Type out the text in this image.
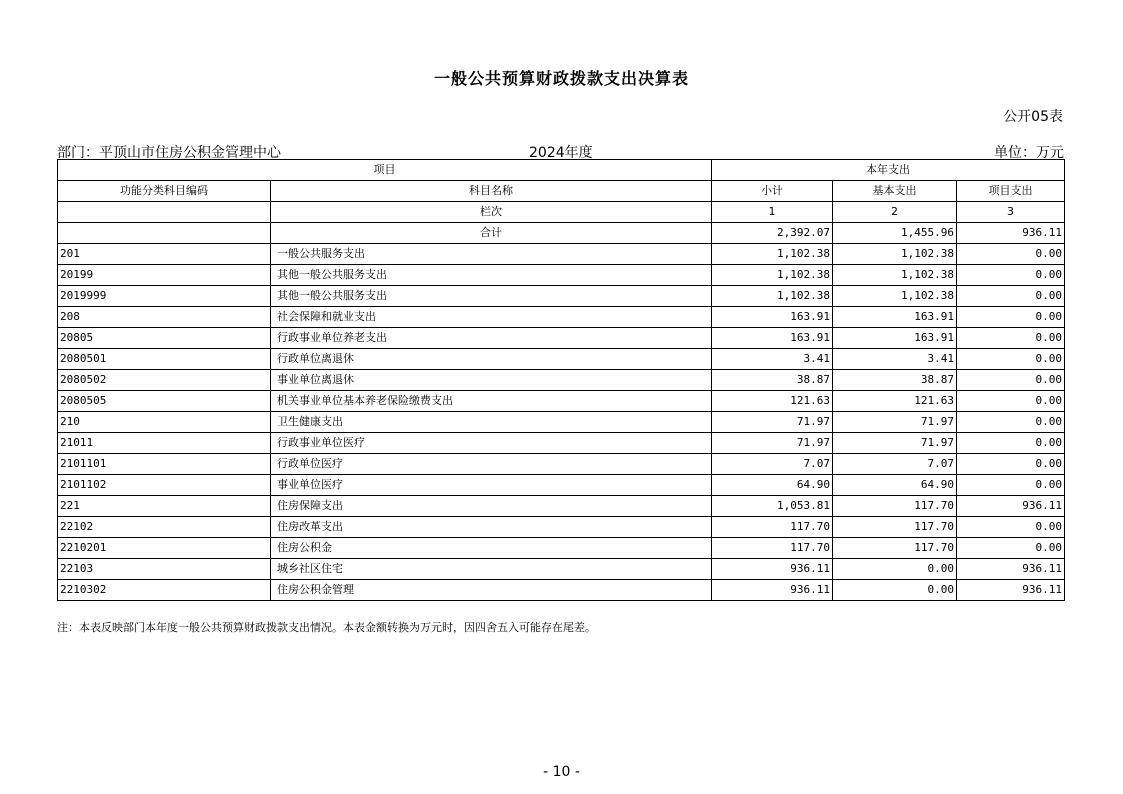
一般公共预算财政拨款支出决算表
公开05表
部门：平顶山市住房公积金管理中心	2024年度	单位：万元
项目		本年支出		
功能分类科目编码	科目名称	小计	基本支出	项目支出
	栏次	1	2	3
	合计	2,392.07	1,455.96	936.11
201	一般公共服务支出	1,102.38	1,102.38	0.00
20199	其他一般公共服务支出	1,102.38	1,102.38	0.00
2019999	其他一般公共服务支出	1,102.38	1,102.38	0.00
208	社会保障和就业支出	163.91	163.91	0.00
20805	行政事业单位养老支出	163.91	163.91	0.00
2080501	行政单位离退休	3.41	3.41	0.00
2080502	事业单位离退休	38.87	38.87	0.00
2080505	机关事业单位基本养老保险缴费支出	121.63	121.63	0.00
210	卫生健康支出	71.97	71.97	0.00
21011	行政事业单位医疗	71.97	71.97	0.00
2101101	行政单位医疗	7.07	7.07	0.00
2101102	事业单位医疗	64.90	64.90	0.00
221	住房保障支出	1,053.81	117.70	936.11
22102	住房改革支出	117.70	117.70	0.00
2210201	住房公积金	117.70	117.70	0.00
22103	城乡社区住宅	936.11	0.00	936.11
2210302	住房公积金管理	936.11	0.00	936.11
注：本表反映部门本年度一般公共预算财政拨款支出情况。本表金额转换为万元时，因四舍五入可能存在尾差。
- 10 -
